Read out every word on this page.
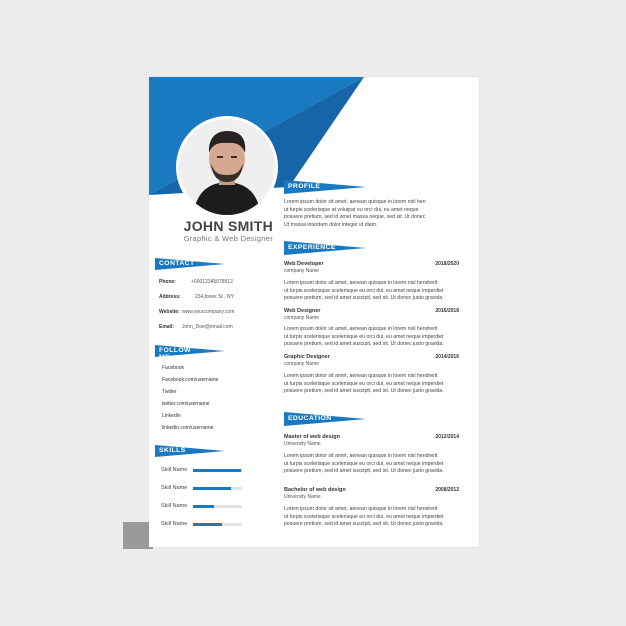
JOHN SMITH
Graphic & Web Designer
CONTACT
Phone:	+00012345678912
Address:	234Jones St , NY
Website: www.yourcompany.com
Email: John_Doe@email.com
FOLLOW ME
Facebook
Facebook.com/username
Twitter
twitter.com/username
Linkedin
linkedin.com/username
SKILLS
Skill Name
Skill Name
Skill Name
Skill Name
PROFILE
Lorem ipsum dolor sit amet, aenean quisque in lorem nisl hen
ut turpis scelerisque at volutpat eu orci dui, eu amet neque
posuere pretium, sed id amet massa neque, sed sit. Ut donec
Ut massa interdum dolor integer id diam.
EXPERIENCE
Web Developer	2018/2020
company Name
Lorem ipsum dolor sit amet, aenean quisque in lorem nisl hendrerit
ut turpis scelerisque scelerisque eu orci dui, eu amet neque imperdiet
posuere pretium, sed id amet suscipit, sed sit. Ut donec justo gravida.
Web Designer	2016/2018
company Name
Lorem ipsum dolor sit amet, aenean quisque in lorem nisl hendrerit
ut turpis scelerisque scelerisque eu orci dui, eu amet neque imperdiet
posuere pretium, sed id amet suscipit, sed sit. Ut donec justo gravida.
Graphic Designer	2014/2016
company Name
Lorem ipsum dolor sit amet, aenean quisque in lorem nisl hendrerit
ut turpis scelerisque scelerisque eu orci dui, eu amet neque imperdiet
posuere pretium, sed id amet suscipit, sed sit. Ut donec justo gravida.
EDUCATION
Master of web design	2012/2014
University Name
Lorem ipsum dolor sit amet, aenean quisque in lorem nisl hendrerit
ut turpis scelerisque scelerisque eu orci dui, eu amet neque imperdiet
posuere pretium, sed id amet suscipit, sed sit. Ut donec justo gravida.
Bachelor of web design	2008/2012
University Name
Lorem ipsum dolor sit amet, aenean quisque in lorem nisl hendrerit
ut turpis scelerisque scelerisque eu orci dui, eu amet neque imperdiet
posuere pretium, sed id amet suscipit, sed sit. Ut donec justo gravida.
